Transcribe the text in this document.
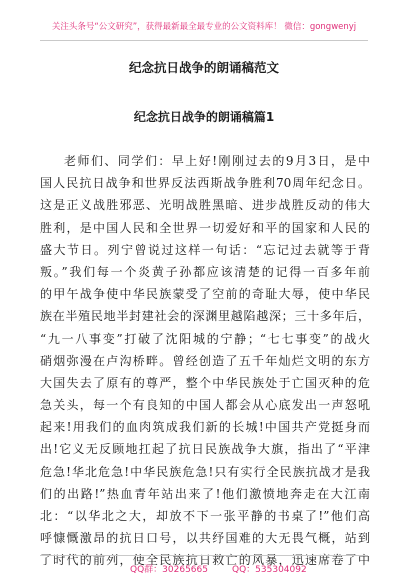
关注头条号“公文研究”，获得最新最全最专业的公文资料库！ 微信：gongwenyj
纪念抗日战争的朗诵稿范文
纪念抗日战争的朗诵稿篇1
老师们、同学们：早上好!刚刚过去的9月3日，是中
国人民抗日战争和世界反法西斯战争胜利70周年纪念日。
这是正义战胜邪恶、光明战胜黑暗、进步战胜反动的伟大
胜利，是中国人民和全世界一切爱好和平的国家和人民的
盛大节日。列宁曾说过这样一句话：“忘记过去就等于背
叛。”我们每一个炎黄子孙都应该清楚的记得一百多年前
的甲午战争使中华民族蒙受了空前的奇耻大辱，使中华民
族在半殖民地半封建社会的深渊里越陷越深；三十多年后，
“九一八事变”打破了沈阳城的宁静；“七七事变”的战火
硝烟弥漫在卢沟桥畔。曾经创造了五千年灿烂文明的东方
大国失去了原有的尊严，整个中华民族处于亡国灭种的危
急关头，每一个有良知的中国人都会从心底发出一声怒吼
起来!用我们的血肉筑成我们新的长城!中国共产党挺身而
出!它义无反顾地扛起了抗日民族战争大旗，指出了“平津
危急!华北危急!中华民族危急!只有实行全民族抗战才是我
们的出路!”热血青年站出来了!他们激愤地奔走在大江南
北：“以华北之大，却放不下一张平静的书桌了!”他们高
呼慷慨激昂的抗日口号，以共纾国难的大无畏气概，站到
了时代的前列，使全民族抗日救亡的风暴，迅速席卷了中
QQ群：30265665	QQ：535304092
